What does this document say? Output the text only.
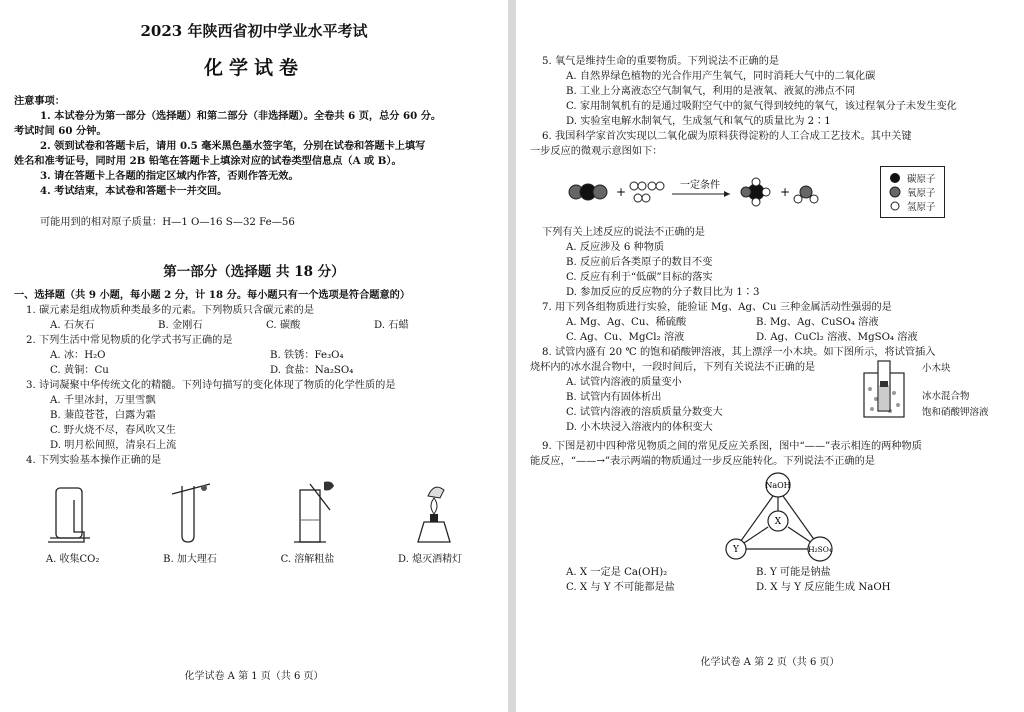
2023 年陕西省初中学业水平考试
化学试卷
注意事项：
1. 本试卷分为第一部分（选择题）和第二部分（非选择题）。全卷共 6 页，总分 60 分。
考试时间 60 分钟。
2. 领到试卷和答题卡后，请用 0.5 毫米黑色墨水签字笔，分别在试卷和答题卡上填写
姓名和准考证号，同时用 2B 铅笔在答题卡上填涂对应的试卷类型信息点（A 或 B）。
3. 请在答题卡上各题的指定区域内作答，否则作答无效。
4. 考试结束，本试卷和答题卡一并交回。
可能用到的相对原子质量：H—1 O—16 S—32 Fe—56
第一部分（选择题 共 18 分）
一、选择题（共 9 小题，每小题 2 分，计 18 分。每小题只有一个选项是符合题意的）
1. 碳元素是组成物质种类最多的元素。下列物质只含碳元素的是
A. 石灰石	B. 金刚石	C. 碳酸	D. 石蜡
2. 下列生活中常见物质的化学式书写正确的是
A. 冰：H₂O	B. 铁锈：Fe₃O₄
C. 黄铜：Cu	D. 食盐：Na₂SO₄
3. 诗词凝聚中华传统文化的精髓。下列诗句描写的变化体现了物质的化学性质的是
A. 千里冰封，万里雪飘
B. 蒹葭苍苍，白露为霜
C. 野火烧不尽，春风吹又生
D. 明月松间照，清泉石上流
4. 下列实验基本操作正确的是
A. 收集CO₂	B. 加大理石	C. 溶解粗盐	D. 熄灭酒精灯
化学试卷 A 第 1 页（共 6 页）
5. 氧气是维持生命的重要物质。下列说法不正确的是
A. 自然界绿色植物的光合作用产生氧气，同时消耗大气中的二氧化碳
B. 工业上分离液态空气制氧气，利用的是液氧、液氮的沸点不同
C. 家用制氧机有的是通过吸附空气中的氮气得到较纯的氧气，该过程氧分子未发生变化
D. 实验室电解水制氧气，生成氢气和氧气的质量比为 2∶1
6. 我国科学家首次实现以二氧化碳为原料获得淀粉的人工合成工艺技术。其中关键
一步反应的微观示意图如下：
+	一定条件	+
碳原子
氧原子
氢原子
下列有关上述反应的说法不正确的是
A. 反应涉及 6 种物质
B. 反应前后各类原子的数目不变
C. 反应有利于“低碳”目标的落实
D. 参加反应的反应物的分子数目比为 1∶3
7. 用下列各组物质进行实验，能验证 Mg、Ag、Cu 三种金属活动性强弱的是
A. Mg、Ag、Cu、稀硫酸	B. Mg、Ag、CuSO₄ 溶液
C. Ag、Cu、MgCl₂ 溶液	D. Ag、CuCl₂ 溶液、MgSO₄ 溶液
8. 试管内盛有 20 ℃ 的饱和硝酸钾溶液，其上漂浮一小木块。如下图所示，将试管插入
烧杯内的冰水混合物中，一段时间后，下列有关说法不正确的是
A. 试管内溶液的质量变小
B. 试管内有固体析出
C. 试管内溶液的溶质质量分数变大
D. 小木块浸入溶液内的体积变大
小木块
冰水混合物
饱和硝酸钾溶液
9. 下图是初中四种常见物质之间的常见反应关系图，图中“——”表示相连的两种物质
能反应，“——→”表示两端的物质通过一步反应能转化。下列说法不正确的是
NaOH
X
Y	H₂SO₄
A. X 一定是 Ca(OH)₂	B. Y 可能是钠盐
C. X 与 Y 不可能都是盐	D. X 与 Y 反应能生成 NaOH
化学试卷 A 第 2 页（共 6 页）
